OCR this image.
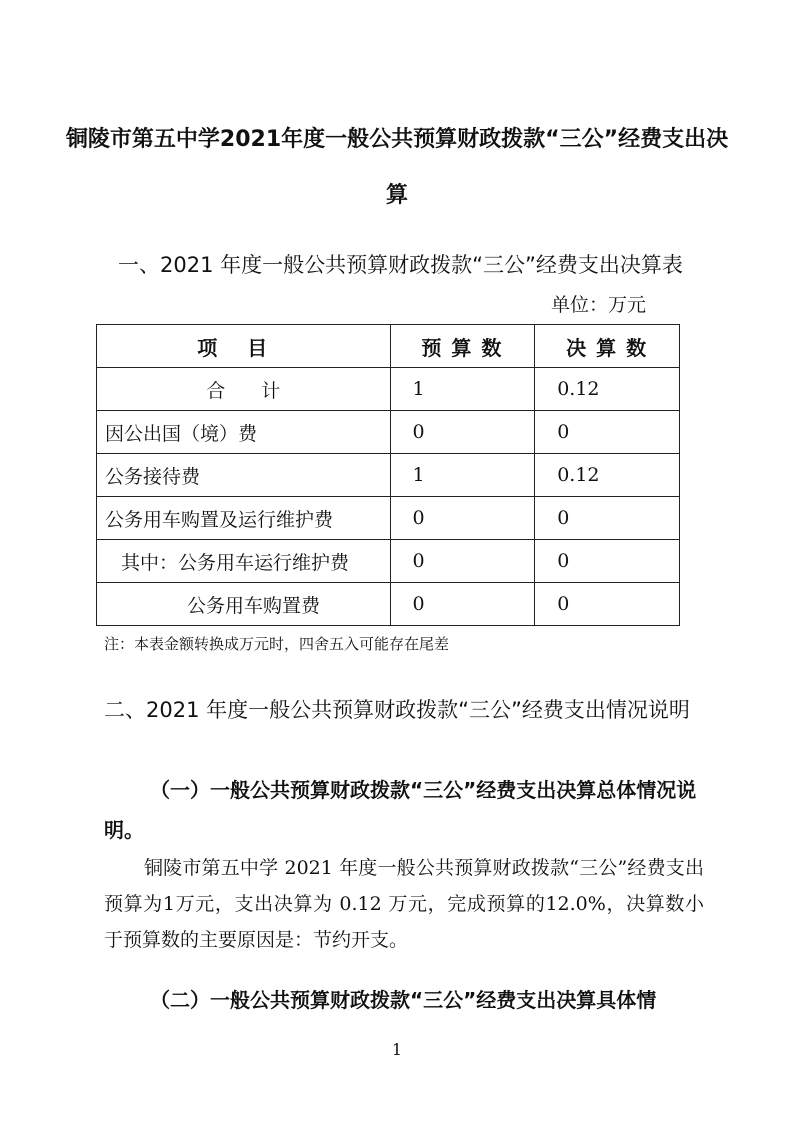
铜陵市第五中学2021年度一般公共预算财政拨款“三公”经费支出决算
一、2021 年度一般公共预算财政拨款“三公”经费支出决算表
单位：万元
项目	预算数	决算数
合计	1	0.12
因公出国（境）费	0	0
公务接待费	1	0.12
公务用车购置及运行维护费	0	0
其中：公务用车运行维护费	0	0
公务用车购置费	0	0
注：本表金额转换成万元时，四舍五入可能存在尾差
二、2021 年度一般公共预算财政拨款“三公”经费支出情况说明
（一）一般公共预算财政拨款“三公”经费支出决算总体情况说明。
铜陵市第五中学 2021 年度一般公共预算财政拨款“三公”经费支出预算为1万元，支出决算为 0.12 万元，完成预算的12.0%，决算数小于预算数的主要原因是：节约开支。
（二）一般公共预算财政拨款“三公”经费支出决算具体情
1
